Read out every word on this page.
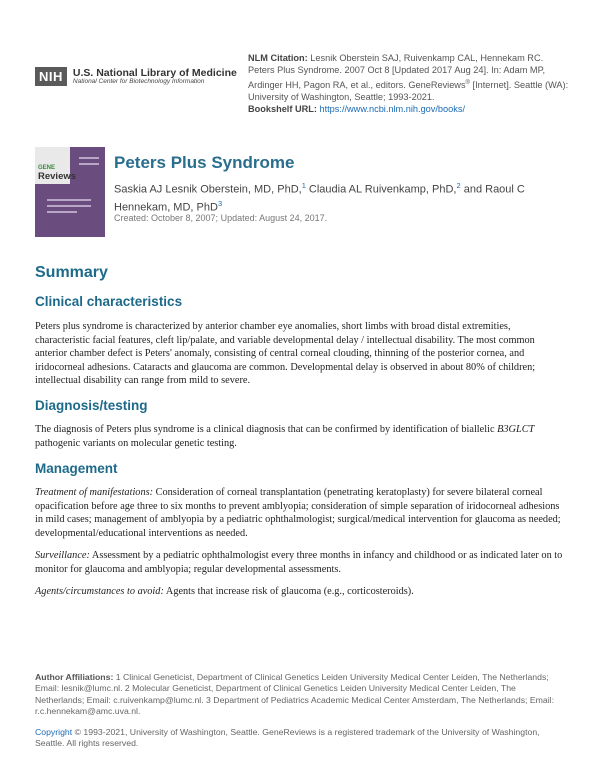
NIH U.S. National Library of Medicine
National Center for Biotechnology Information
NLM Citation: Lesnik Oberstein SAJ, Ruivenkamp CAL, Hennekam RC. Peters Plus Syndrome. 2007 Oct 8 [Updated 2017 Aug 24]. In: Adam MP, Ardinger HH, Pagon RA, et al., editors. GeneReviews® [Internet]. Seattle (WA): University of Washington, Seattle; 1993-2021.
Bookshelf URL: https://www.ncbi.nlm.nih.gov/books/
GENE
Reviews
Peters Plus Syndrome
Saskia AJ Lesnik Oberstein, MD, PhD,$^1$ Claudia AL Ruivenkamp, PhD,$^2$ and Raoul C Hennekam, MD, PhD$^3$
Created: October 8, 2007; Updated: August 24, 2017.
Summary
Clinical characteristics

Peters plus syndrome is characterized by anterior chamber eye anomalies, short limbs with broad distal extremities, characteristic facial features, cleft lip/palate, and variable developmental delay / intellectual disability. The most common anterior chamber defect is Peters' anomaly, consisting of central corneal clouding, thinning of the posterior cornea, and iridocorneal adhesions. Cataracts and glaucoma are common. Developmental delay is observed in about 80% of children; intellectual disability can range from mild to severe.

Diagnosis/testing

The diagnosis of Peters plus syndrome is a clinical diagnosis that can be confirmed by identification of biallelic B3GLCT pathogenic variants on molecular genetic testing.

Management

Treatment of manifestations: Consideration of corneal transplantation (penetrating keratoplasty) for severe bilateral corneal opacification before age three to six months to prevent amblyopia; consideration of simple separation of iridocorneal adhesions in mild cases; management of amblyopia by a pediatric ophthalmologist; surgical/medical intervention for glaucoma as needed; developmental/educational interventions as needed.

Surveillance: Assessment by a pediatric ophthalmologist every three months in infancy and childhood or as indicated later on to monitor for glaucoma and amblyopia; regular developmental assessments.

Agents/circumstances to avoid: Agents that increase risk of glaucoma (e.g., corticosteroids).

Author Affiliations: 1 Clinical Geneticist, Department of Clinical Genetics Leiden University Medical Center Leiden, The Netherlands; Email: lesnik@lumc.nl. 2 Molecular Geneticist, Department of Clinical Genetics Leiden University Medical Center Leiden, The Netherlands; Email: c.ruivenkamp@lumc.nl. 3 Department of Pediatrics Academic Medical Center Amsterdam, The Netherlands; Email: r.c.hennekam@amc.uva.nl.
Copyright © 1993-2021, University of Washington, Seattle. GeneReviews is a registered trademark of the University of Washington, Seattle. All rights reserved.
